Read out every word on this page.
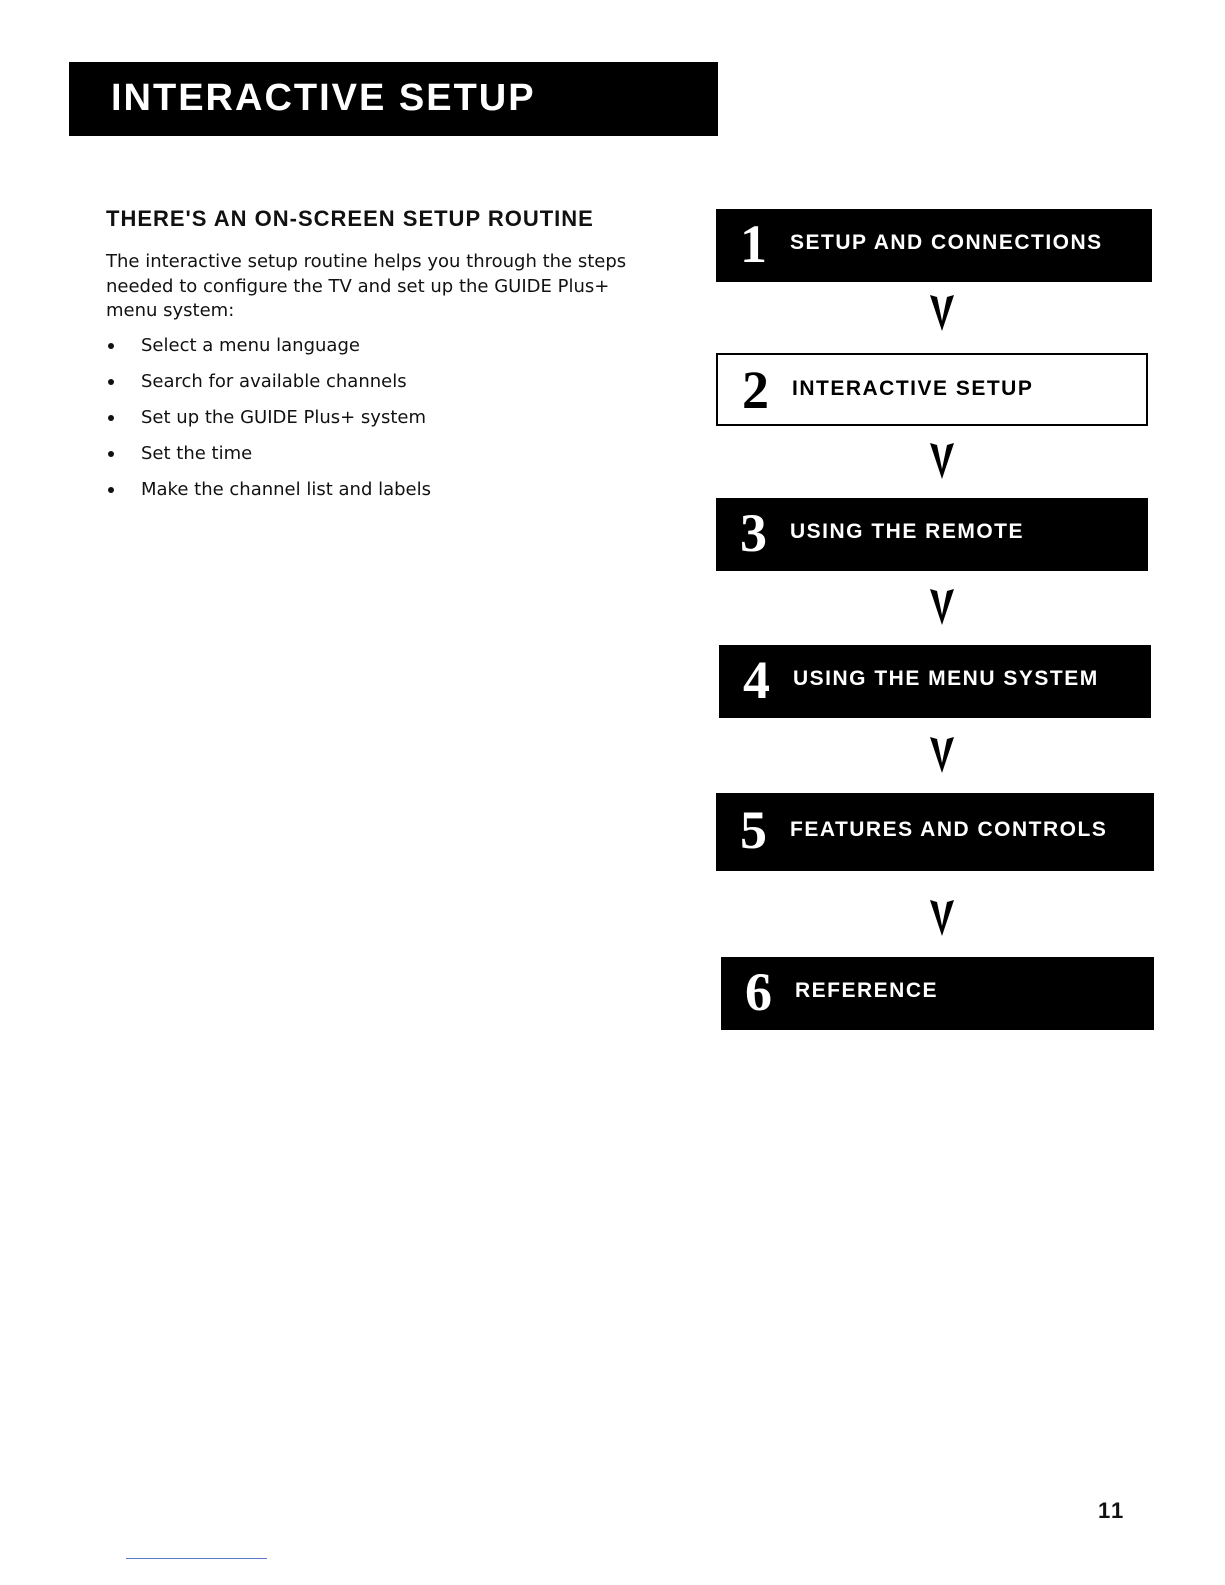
INTERACTIVE SETUP
THERE'S AN ON-SCREEN SETUP ROUTINE

The interactive setup routine helps you through the steps needed to configure the TV and set up the GUIDE Plus+ menu system:

Select a menu language
Search for available channels
Set up the GUIDE Plus+ system
Set the time
Make the channel list and labels
1 SETUP AND CONNECTIONS
2 INTERACTIVE SETUP
3 USING THE REMOTE
4 USING THE MENU SYSTEM
5 FEATURES AND CONTROLS
6 REFERENCE
11
